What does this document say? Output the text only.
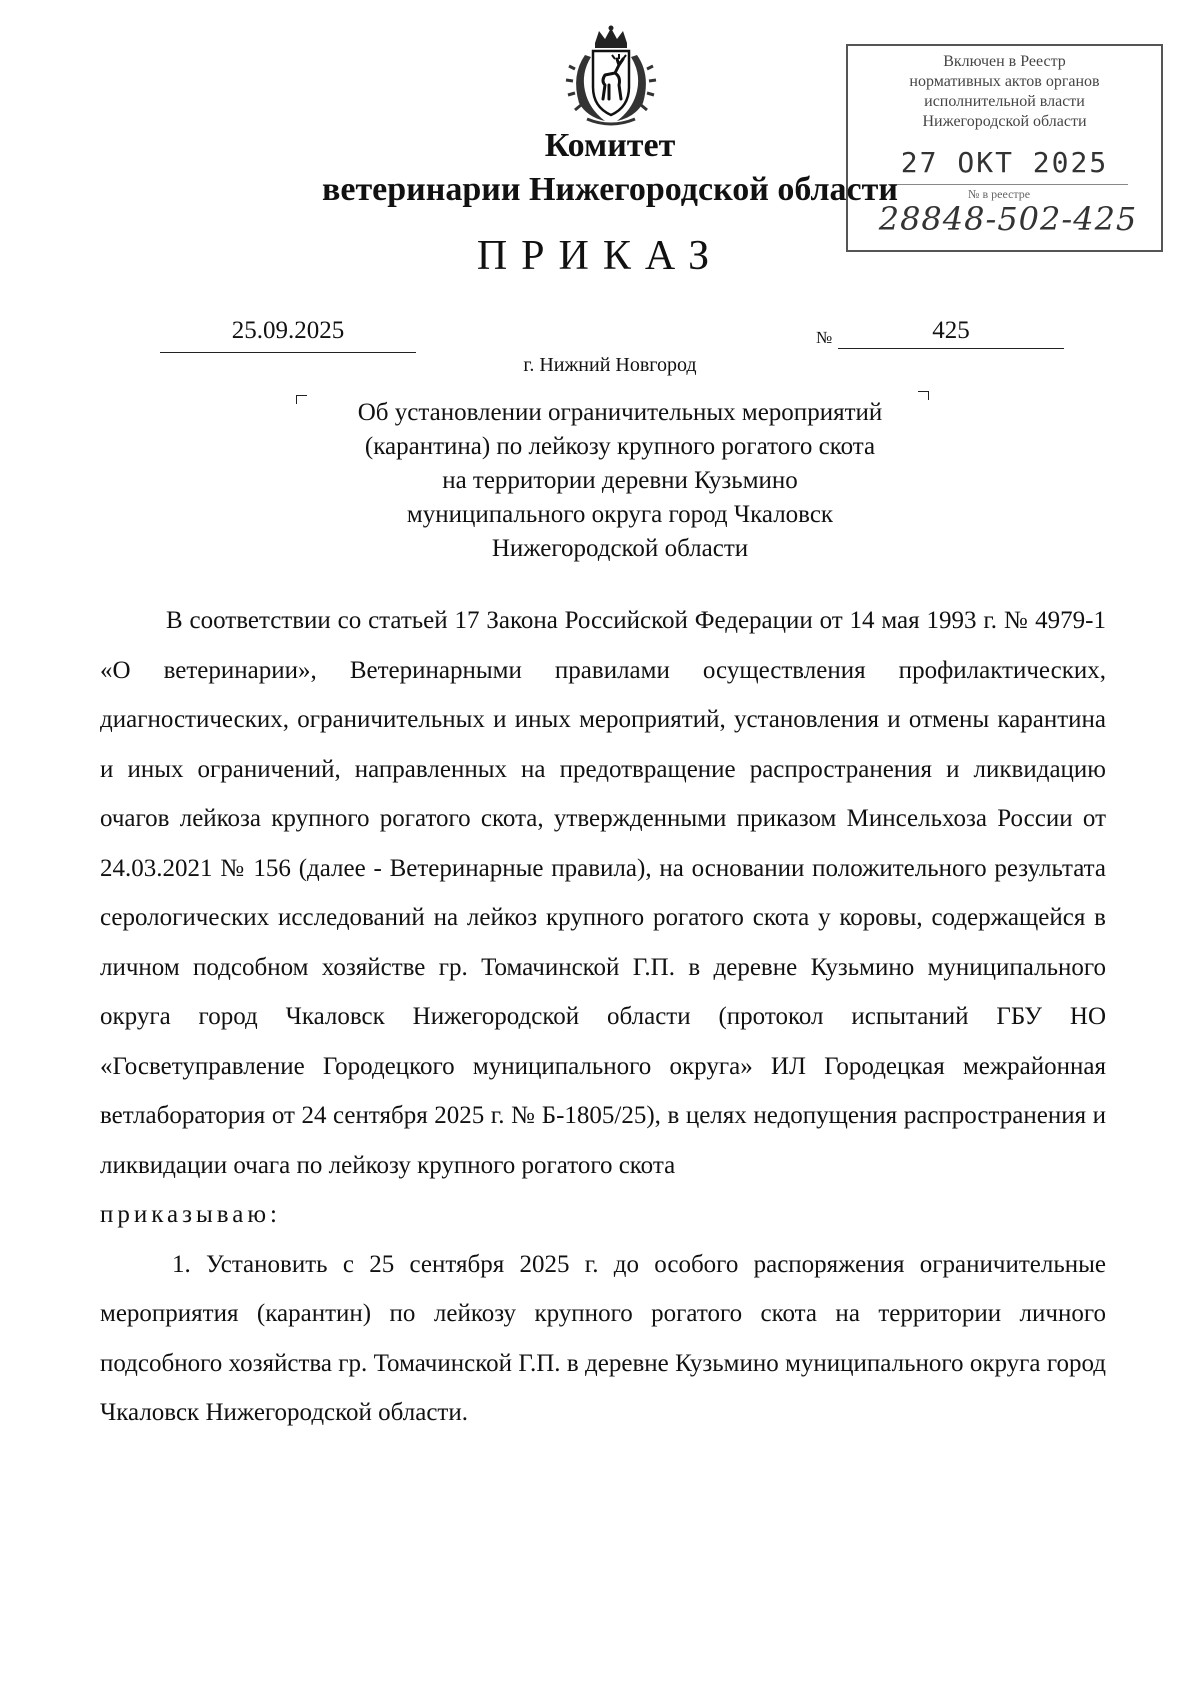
Включен в Реестр
нормативных актов органов
исполнительной власти
Нижегородской области
27 ОКТ 2025
№ в реестре
28848-502-425
Комитет
ветеринарии Нижегородской области
ПРИКАЗ
25.09.2025	№	425
г. Нижний Новгород
Об установлении ограничительных мероприятий
(карантина) по лейкозу крупного рогатого скота
на территории деревни Кузьмино
муниципального округа город Чкаловск
Нижегородской области

В соответствии со статьей 17 Закона Российской Федерации от 14 мая 1993 г. № 4979-1 «О ветеринарии», Ветеринарными правилами осуществления профилактических, диагностических, ограничительных и иных мероприятий, установления и отмены карантина и иных ограничений, направленных на предотвращение распространения и ликвидацию очагов лейкоза крупного рогатого скота, утвержденными приказом Минсельхоза России от 24.03.2021 № 156 (далее - Ветеринарные правила), на основании положительного результата серологических исследований на лейкоз крупного рогатого скота у коровы, содержащейся в личном подсобном хозяйстве гр. Томачинской Г.П. в деревне Кузьмино муниципального округа город Чкаловск Нижегородской области (протокол испытаний ГБУ НО «Госветуправление Городецкого муниципального округа» ИЛ Городецкая межрайонная ветлаборатория от 24 сентября 2025 г. № Б-1805/25), в целях недопущения распространения и ликвидации очага по лейкозу крупного рогатого скота

приказываю:

1. Установить с 25 сентября 2025 г. до особого распоряжения ограничительные мероприятия (карантин) по лейкозу крупного рогатого скота на территории личного подсобного хозяйства гр. Томачинской Г.П. в деревне Кузьмино муниципального округа город Чкаловск Нижегородской области.
